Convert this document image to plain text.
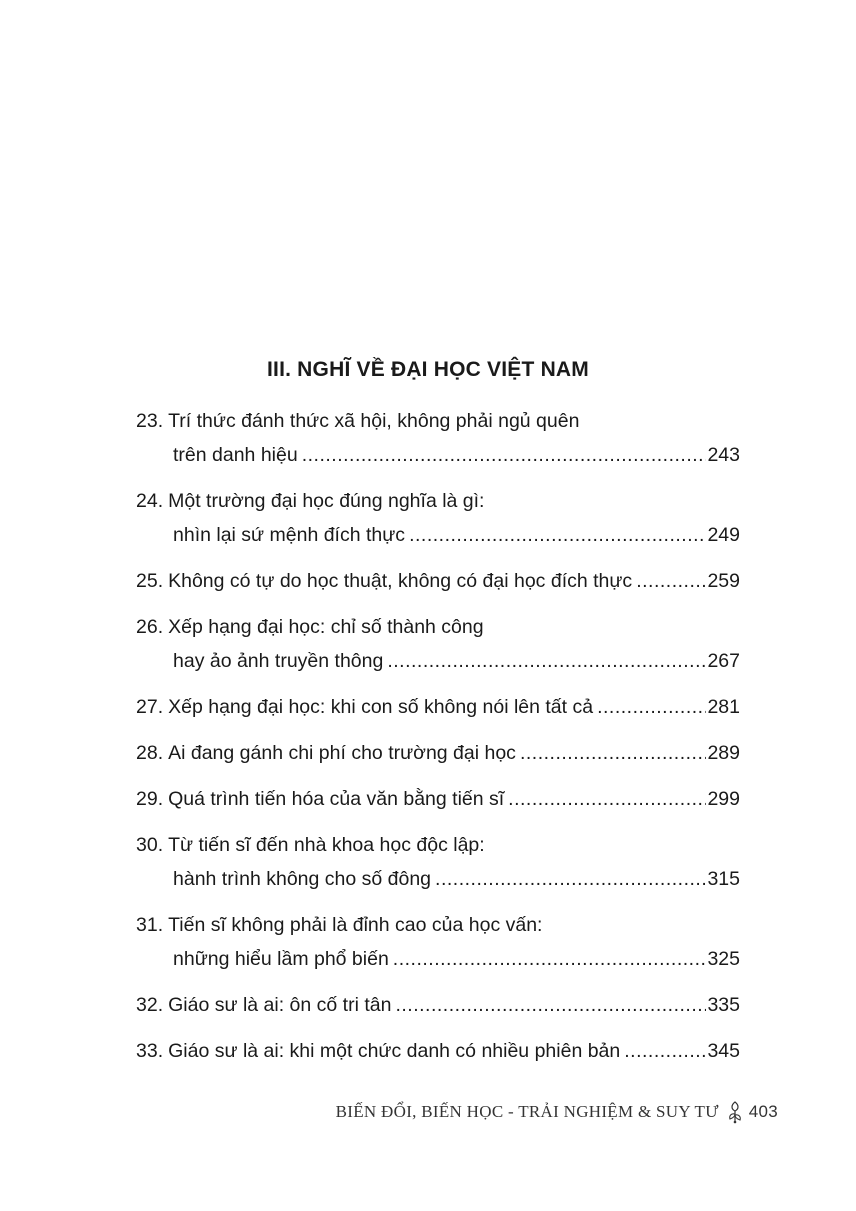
III. NGHĨ VỀ ĐẠI HỌC VIỆT NAM
23. Trí thức đánh thức xã hội, không phải ngủ quên
trên danh hiệu .....	243
24. Một trường đại học đúng nghĩa là gì:
nhìn lại sứ mệnh đích thực .....	249
25. Không có tự do học thuật, không có đại học đích thực .....	259
26. Xếp hạng đại học: chỉ số thành công
hay ảo ảnh truyền thông .....	267
27. Xếp hạng đại học: khi con số không nói lên tất cả .....	281
28. Ai đang gánh chi phí cho trường đại học .....	289
29. Quá trình tiến hóa của văn bằng tiến sĩ .....	299
30. Từ tiến sĩ đến nhà khoa học độc lập:
hành trình không cho số đông .....	315
31. Tiến sĩ không phải là đỉnh cao của học vấn:
những hiểu lầm phổ biến .....	325
32. Giáo sư là ai: ôn cố tri tân .....	335
33. Giáo sư là ai: khi một chức danh có nhiều phiên bản .....	345
BIẾN ĐỔI, BIẾN HỌC - TRẢI NGHIỆM & SUY TƯ 403
